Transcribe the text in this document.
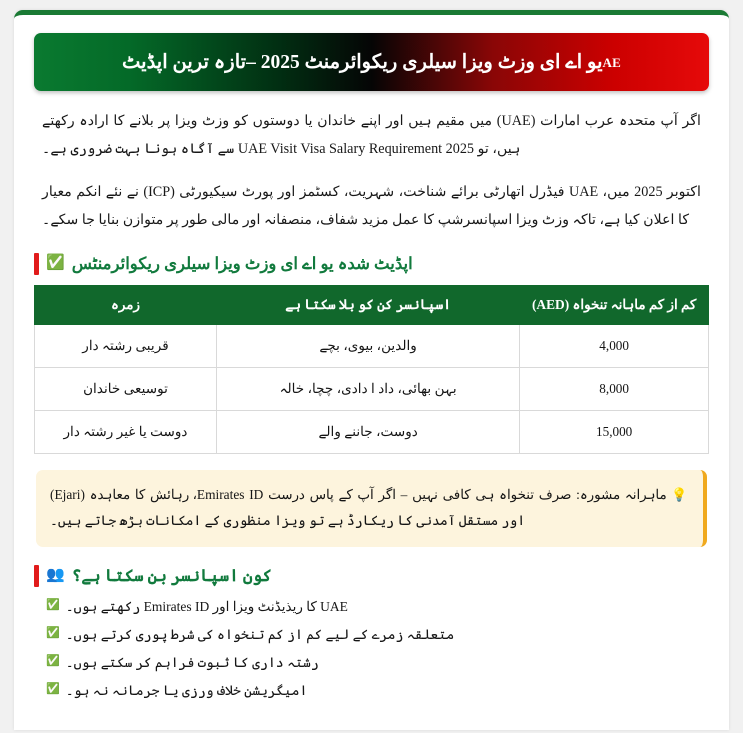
AEیو اے ای وزٹ ویزا سیلری ریکوائرمنٹ 2025 –تازہ ترین اپڈیٹ

اگر آپ متحدہ عرب امارات (UAE) میں مقیم ہیں اور اپنے خاندان یا دوستوں کو وزٹ ویزا پر بلانے کا ارادہ رکھتے ہیں، تو UAE Visit Visa Salary Requirement 2025 سے آگاہ ہونا بہت ضروری ہے۔

اکتوبر 2025 میں، UAE فیڈرل اتھارٹی برائے شناخت، شہریت، کسٹمز اور پورٹ سیکیورٹی (ICP) نے نئے انکم معیار کا اعلان کیا ہے، تاکہ وزٹ ویزا اسپانسرشپ کا عمل مزید شفاف، منصفانہ اور مالی طور پر متوازن بنایا جا سکے۔

✅ اپڈیٹ شدہ یو اے ای وزٹ ویزا سیلری ریکوائرمنٹس
کم از کم ماہانہ تنخواہ (AED)	اسپانسر کن کو بلا سکتا ہے	زمرہ
4,000	والدین، بیوی، بچے	قریبی رشتہ دار
8,000	بہن بھائی، داد ا دادی، چچا، خالہ	توسیعی خاندان
15,000	دوست، جاننے والے	دوست یا غیر رشتہ دار
💡 ماہرانہ مشورہ: صرف تنخواہ ہی کافی نہیں – اگر آپ کے پاس درست Emirates ID، رہائش کا معاہدہ (Ejari) اور مستقل آمدنی کا ریکارڈ ہے تو ویزا منظوری کے امکانات بڑھ جاتے ہیں۔
👥 کون اسپانسر بن سکتا ہے؟
UAE کا ریذیڈنٹ ویزا اور Emirates ID رکھتے ہوں۔
✅
متعلقہ زمرے کے لیے کم از کم تنخواہ کی شرط پوری کرتے ہوں۔
✅
رشتہ داری کا ثبوت فراہم کر سکتے ہوں۔
✅
امیگریشن خلاف ورزی یا جرمانہ نہ ہو۔
✅
